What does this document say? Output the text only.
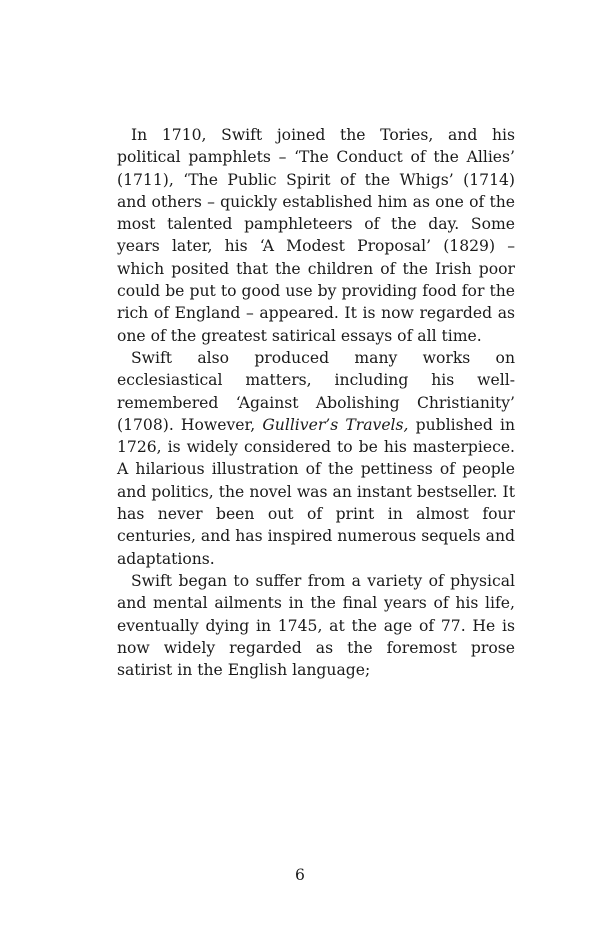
In 1710, Swift joined the Tories, and his political pamphlets – ‘The Conduct of the Allies’ (1711), ‘The Public Spirit of the Whigs’ (1714) and others – quickly established him as one of the most talented pamphleteers of the day. Some years later, his ‘A Modest Proposal’ (1829) – which posited that the children of the Irish poor could be put to good use by providing food for the rich of England – appeared. It is now regarded as one of the greatest satirical essays of all time.

Swift also produced many works on ecclesiastical matters, including his well-remembered ‘Against Abolishing Christianity’ (1708). However, Gulliver’s Travels, published in 1726, is widely considered to be his masterpiece. A hilarious illustration of the pettiness of people and politics, the novel was an instant bestseller. It has never been out of print in almost four centuries, and has inspired numerous sequels and adaptations.

Swift began to suffer from a variety of physical and mental ailments in the final years of his life, eventually dying in 1745, at the age of 77. He is now widely regarded as the foremost prose satirist in the English language;

6
